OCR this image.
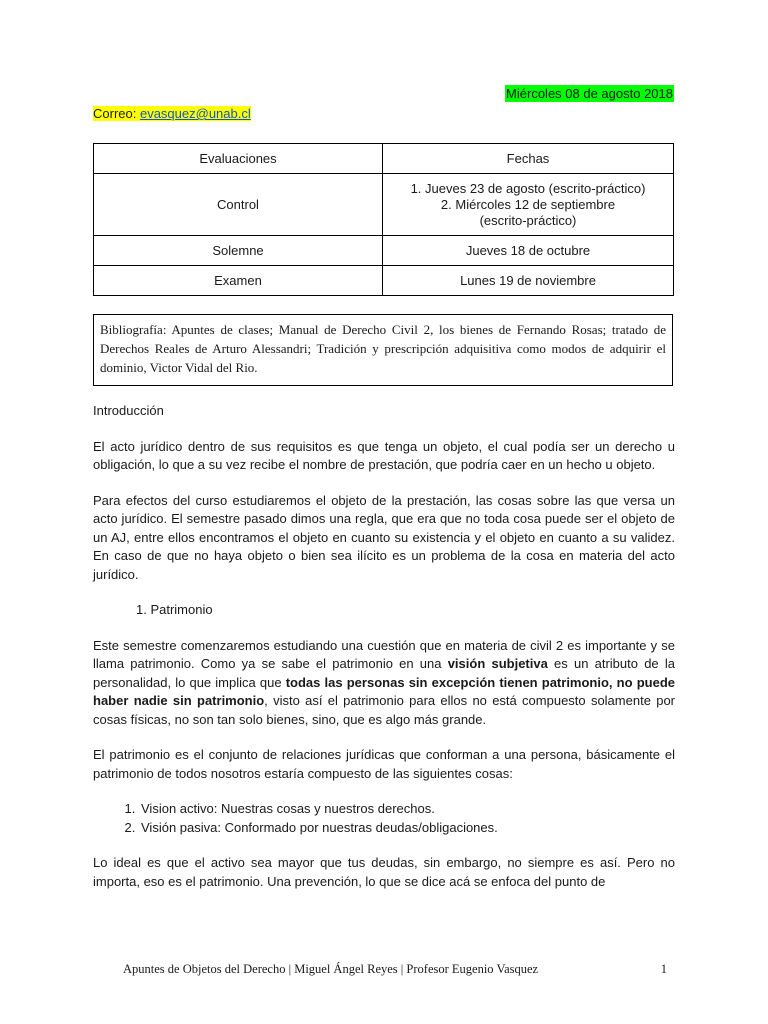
Miércoles 08 de agosto 2018
Correo: evasquez@unab.cl
Evaluaciones	Fechas
Control	1. Jueves 23 de agosto (escrito-práctico)
2. Miércoles 12 de septiembre
(escrito-práctico)

Solemne	Jueves 18 de octubre
Examen	Lunes 19 de noviembre
Bibliografía: Apuntes de clases; Manual de Derecho Civil 2, los bienes de Fernando Rosas; tratado de Derechos Reales de Arturo Alessandri; Tradición y prescripción adquisitiva como modos de adquirir el dominio, Victor Vidal del Rio.

Introducción

El acto jurídico dentro de sus requisitos es que tenga un objeto, el cual podía ser un derecho u obligación, lo que a su vez recibe el nombre de prestación, que podría caer en un hecho u objeto.

Para efectos del curso estudiaremos el objeto de la prestación, las cosas sobre las que versa un acto jurídico. El semestre pasado dimos una regla, que era que no toda cosa puede ser el objeto de un AJ, entre ellos encontramos el objeto en cuanto su existencia y el objeto en cuanto a su validez. En caso de que no haya objeto o bien sea ilícito es un problema de la cosa en materia del acto jurídico.

1. Patrimonio

Este semestre comenzaremos estudiando una cuestión que en materia de civil 2 es importante y se llama patrimonio. Como ya se sabe el patrimonio en una visión subjetiva es un atributo de la personalidad, lo que implica que todas las personas sin excepción tienen patrimonio, no puede haber nadie sin patrimonio, visto así el patrimonio para ellos no está compuesto solamente por cosas físicas, no son tan solo bienes, sino, que es algo más grande.

El patrimonio es el conjunto de relaciones jurídicas que conforman a una persona, básicamente el patrimonio de todos nosotros estaría compuesto de las siguientes cosas:

1. Vision activo: Nuestras cosas y nuestros derechos.
2. Visión pasiva: Conformado por nuestras deudas/obligaciones.

Lo ideal es que el activo sea mayor que tus deudas, sin embargo, no siempre es así. Pero no importa, eso es el patrimonio. Una prevención, lo que se dice acá se enfoca del punto de

Apuntes de Objetos del Derecho | Miguel Ángel Reyes | Profesor Eugenio Vasquez	1
